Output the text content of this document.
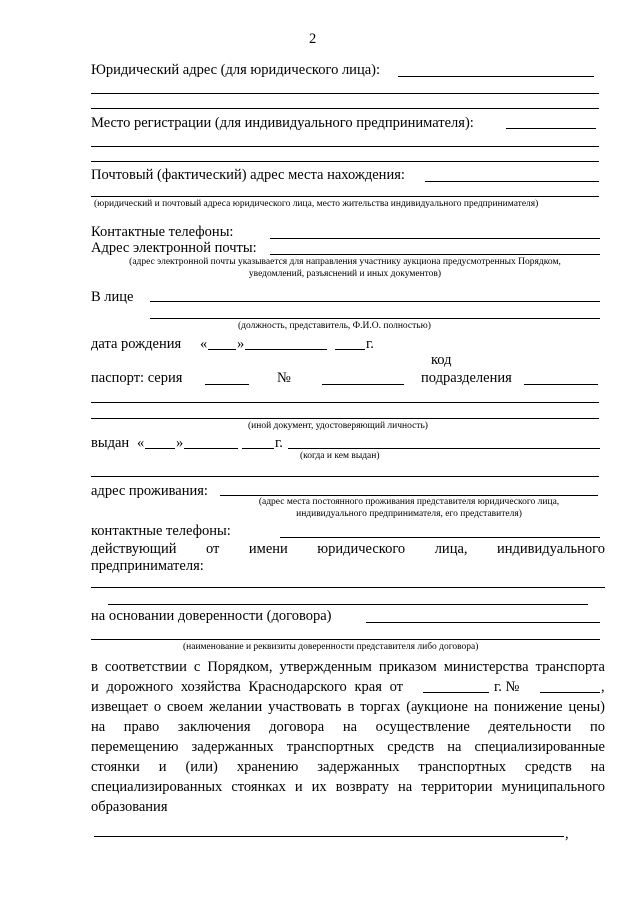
2
Юридический адрес (для юридического лица):
Место регистрации (для индивидуального предпринимателя):
Почтовый (фактический) адрес места нахождения:
(юридический и почтовый адреса юридического лица, место жительства индивидуального предпринимателя)
Контактные телефоны:
Адрес электронной почты:
(адрес электронной почты указывается для направления участнику аукциона предусмотренных Порядком,
уведомлений, разъяснений и иных документов)
В лице
(должность, представитель, Ф.И.О. полностью)
дата рождения « »	г.
код
паспорт: серия	№	подразделения
(иной документ, удостоверяющий личность)
выдан « »	г.
(когда и кем выдан)
адрес проживания:
(адрес места постоянного проживания представителя юридического лица,
индивидуального предпринимателя, его представителя)
контактные телефоны:
действующий от имени юридического лица, индивидуального
предпринимателя:
на основании доверенности (договора)
(наименование и реквизиты доверенности представителя либо договора)
в соответствии с Порядком, утвержденным приказом министерства транспорта
и дорожного хозяйства Краснодарского края от	г. №	,
извещает о своем желании участвовать в торгах (аукционе на понижение цены)
на право заключения договора на осуществление деятельности по
перемещению задержанных транспортных средств на специализированные
стоянки и (или) хранению задержанных транспортных средств на
специализированных стоянках и их возврату на территории муниципального
образования
,
